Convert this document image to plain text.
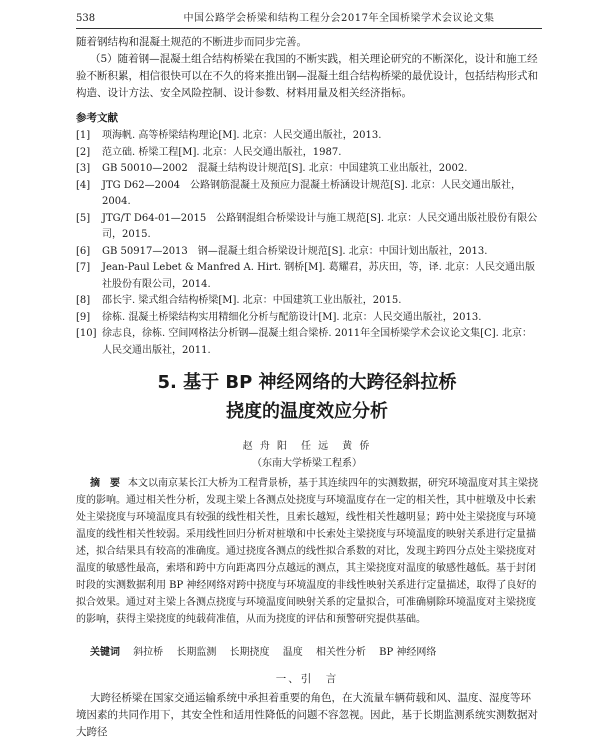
538	中国公路学会桥梁和结构工程分会2017年全国桥梁学术会议论文集

随着钢结构和混凝土规范的不断进步而同步完善。

（5）随着钢—混凝土组合结构桥梁在我国的不断实践，相关理论研究的不断深化，设计和施工经验不断积累，相信很快可以在不久的将来推出钢—混凝土组合结构桥梁的最优设计，包括结构形式和构造、设计方法、安全风险控制、设计参数、材料用量及相关经济指标。

参考文献
[1]	项海帆. 高等桥梁结构理论[M]. 北京：人民交通出版社，2013.
[2]	范立础. 桥梁工程[M]. 北京：人民交通出版社，1987.
[3]	GB 50010—2002　混凝土结构设计规范[S]. 北京：中国建筑工业出版社，2002.
[4]	JTG D62—2004　公路钢筋混凝土及预应力混凝土桥涵设计规范[S]. 北京：人民交通出版社，2004.
[5]	JTG/T D64-01—2015　公路钢混组合桥梁设计与施工规范[S]. 北京：人民交通出版社股份有限公司，2015.
[6]	GB 50917—2013　钢—混凝土组合桥梁设计规范[S]. 北京：中国计划出版社，2013.
[7]	Jean-Paul Lebet & Manfred A. Hirt. 钢桥[M]. 葛耀君，苏庆田，等，译. 北京：人民交通出版社股份有限公司，2014.
[8]	邵长宇. 梁式组合结构桥梁[M]. 北京：中国建筑工业出版社，2015.
[9]	徐栋. 混凝土桥梁结构实用精细化分析与配筋设计[M]. 北京：人民交通出版社，2013.
[10] 徐志良，徐栋. 空间网格法分析钢—混凝土组合梁桥. 2011年全国桥梁学术会议论文集[C]. 北京：人民交通出版社，2011.
5. 基于 BP 神经网络的大跨径斜拉桥
挠度的温度效应分析
赵 舟 阳　任 远　黄 侨
（东南大学桥梁工程系）
摘　要 本文以南京某长江大桥为工程背景桥，基于其连续四年的实测数据，研究环境温度对其主梁挠度的影响。通过相关性分析，发现主梁上各测点处挠度与环境温度存在一定的相关性，其中桩墩及中长索处主梁挠度与环境温度具有较强的线性相关性，且索长越短，线性相关性越明显；跨中处主梁挠度与环境温度的线性相关性较弱。采用线性回归分析对桩墩和中长索处主梁挠度与环境温度的映射关系进行定量描述，拟合结果具有较高的准确度。通过挠度各测点的线性拟合系数的对比，发现主跨四分点处主梁挠度对温度的敏感性最高，索塔和跨中方向距离四分点越远的测点，其主梁挠度对温度的敏感性越低。基于封闭时段的实测数据利用 BP 神经网络对跨中挠度与环境温度的非线性映射关系进行定量描述，取得了良好的拟合效果。通过对主梁上各测点挠度与环境温度间映射关系的定量拟合，可准确剔除环境温度对主梁挠度的影响，获得主梁挠度的纯载荷准值，从而为挠度的评估和预警研究提供基础。
关键词 斜拉桥 长期监测 长期挠度 温度 相关性分析 BP 神经网络
一、引　言
大跨径桥梁在国家交通运输系统中承担着重要的角色，在大流量车辆荷载和风、温度、湿度等环境因素的共同作用下，其安全性和适用性降低的问题不容忽视。因此，基于长期监测系统实测数据对大跨径
